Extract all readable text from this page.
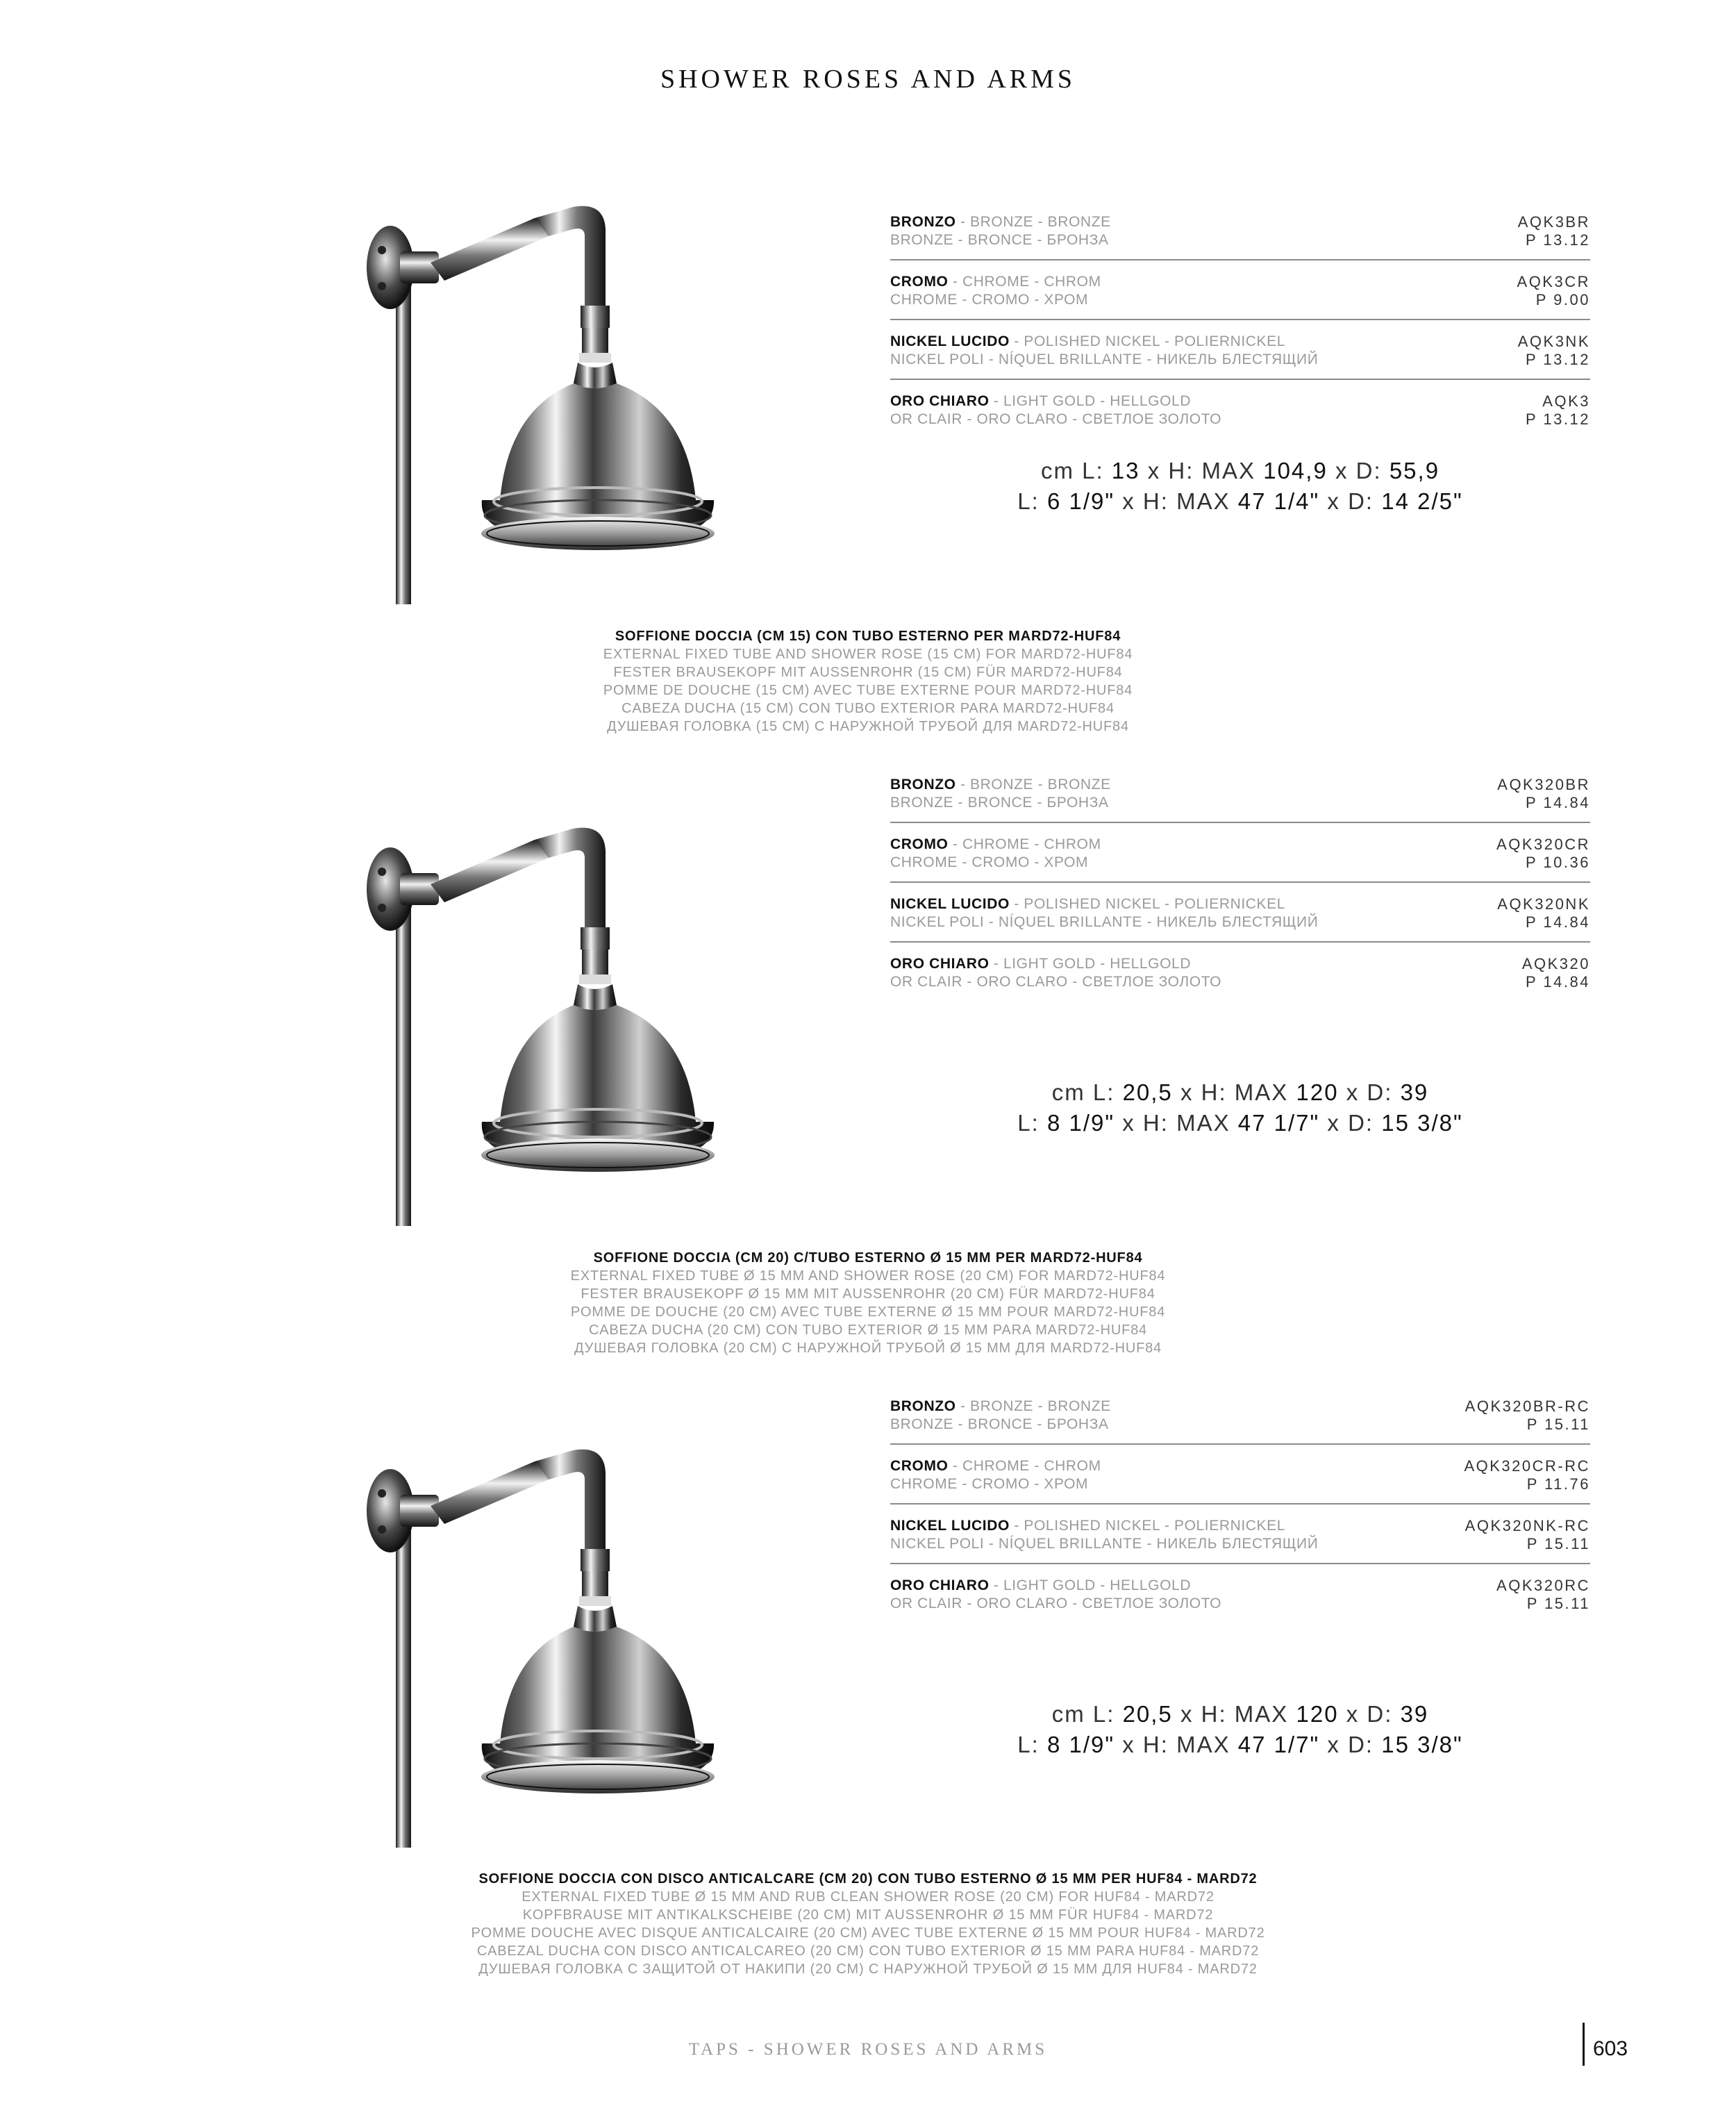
SHOWER ROSES AND ARMS
BRONZO - BRONZE - BRONZE
BRONZE - BRONCE - БРОНЗА
AQK3BR
P 13.12
CROMO - CHROME - CHROM
CHROME - CROMO - ХРОМ
AQK3CR
P 9.00
NICKEL LUCIDO - POLISHED NICKEL - POLIERNICKEL
NICKEL POLI - NÍQUEL BRILLANTE - НИКЕЛЬ БЛЕСТЯЩИЙ
AQK3NK
P 13.12
ORO CHIARO - LIGHT GOLD - HELLGOLD
OR CLAIR - ORO CLARO - СВЕТЛОЕ ЗОЛОТО
AQK3
P 13.12
cm L: 13 x H: MAX 104,9 x D: 55,9
L: 6 1/9" x H: MAX 47 1/4" x D: 14 2/5"
SOFFIONE DOCCIA (CM 15) CON TUBO ESTERNO PER MARD72-HUF84
EXTERNAL FIXED TUBE AND SHOWER ROSE (15 CM) FOR MARD72-HUF84
FESTER BRAUSEKOPF MIT AUSSENROHR (15 CM) FÜR MARD72-HUF84
POMME DE DOUCHE (15 CM) AVEC TUBE EXTERNE POUR MARD72-HUF84
CABEZA DUCHA (15 CM) CON TUBO EXTERIOR PARA MARD72-HUF84
ДУШЕВАЯ ГОЛОВКА (15 CM) С НАРУЖНОЙ ТРУБОЙ ДЛЯ MARD72-HUF84
BRONZO - BRONZE - BRONZE
BRONZE - BRONCE - БРОНЗА
AQK320BR
P 14.84
CROMO - CHROME - CHROM
CHROME - CROMO - ХРОМ
AQK320CR
P 10.36
NICKEL LUCIDO - POLISHED NICKEL - POLIERNICKEL
NICKEL POLI - NÍQUEL BRILLANTE - НИКЕЛЬ БЛЕСТЯЩИЙ
AQK320NK
P 14.84
ORO CHIARO - LIGHT GOLD - HELLGOLD
OR CLAIR - ORO CLARO - СВЕТЛОЕ ЗОЛОТО
AQK320
P 14.84
cm L: 20,5 x H: MAX 120 x D: 39
L: 8 1/9" x H: MAX 47 1/7" x D: 15 3/8"
SOFFIONE DOCCIA (CM 20) C/TUBO ESTERNO Ø 15 MM PER MARD72-HUF84
EXTERNAL FIXED TUBE Ø 15 MM AND SHOWER ROSE (20 CM) FOR MARD72-HUF84
FESTER BRAUSEKOPF Ø 15 MM MIT AUSSENROHR (20 CM) FÜR MARD72-HUF84
POMME DE DOUCHE (20 CM) AVEC TUBE EXTERNE Ø 15 MM POUR MARD72-HUF84
CABEZA DUCHA (20 CM) CON TUBO EXTERIOR Ø 15 MM PARA MARD72-HUF84
ДУШЕВАЯ ГОЛОВКА (20 CM) С НАРУЖНОЙ ТРУБОЙ Ø 15 MM ДЛЯ MARD72-HUF84
BRONZO - BRONZE - BRONZE
BRONZE - BRONCE - БРОНЗА
AQK320BR-RC
P 15.11
CROMO - CHROME - CHROM
CHROME - CROMO - ХРОМ
AQK320CR-RC
P 11.76
NICKEL LUCIDO - POLISHED NICKEL - POLIERNICKEL
NICKEL POLI - NÍQUEL BRILLANTE - НИКЕЛЬ БЛЕСТЯЩИЙ
AQK320NK-RC
P 15.11
ORO CHIARO - LIGHT GOLD - HELLGOLD
OR CLAIR - ORO CLARO - СВЕТЛОЕ ЗОЛОТО
AQK320RC
P 15.11
cm L: 20,5 x H: MAX 120 x D: 39
L: 8 1/9" x H: MAX 47 1/7" x D: 15 3/8"
SOFFIONE DOCCIA CON DISCO ANTICALCARE (CM 20) CON TUBO ESTERNO Ø 15 MM PER HUF84 - MARD72
EXTERNAL FIXED TUBE Ø 15 MM AND RUB CLEAN SHOWER ROSE (20 CM) FOR HUF84 - MARD72
KOPFBRAUSE MIT ANTIKALKSCHEIBE (20 CM) MIT AUSSENROHR Ø 15 MM FÜR HUF84 - MARD72
POMME DOUCHE AVEC DISQUE ANTICALCAIRE (20 CM) AVEC TUBE EXTERNE Ø 15 MM POUR HUF84 - MARD72
CABEZAL DUCHA CON DISCO ANTICALCAREO (20 CM) CON TUBO EXTERIOR Ø 15 MM PARA HUF84 - MARD72
ДУШЕВАЯ ГОЛОВКА С ЗАЩИТОЙ ОТ НАКИПИ (20 CM) С НАРУЖНОЙ ТРУБОЙ Ø 15 MM ДЛЯ HUF84 - MARD72
TAPS - SHOWER ROSES AND ARMS	603
